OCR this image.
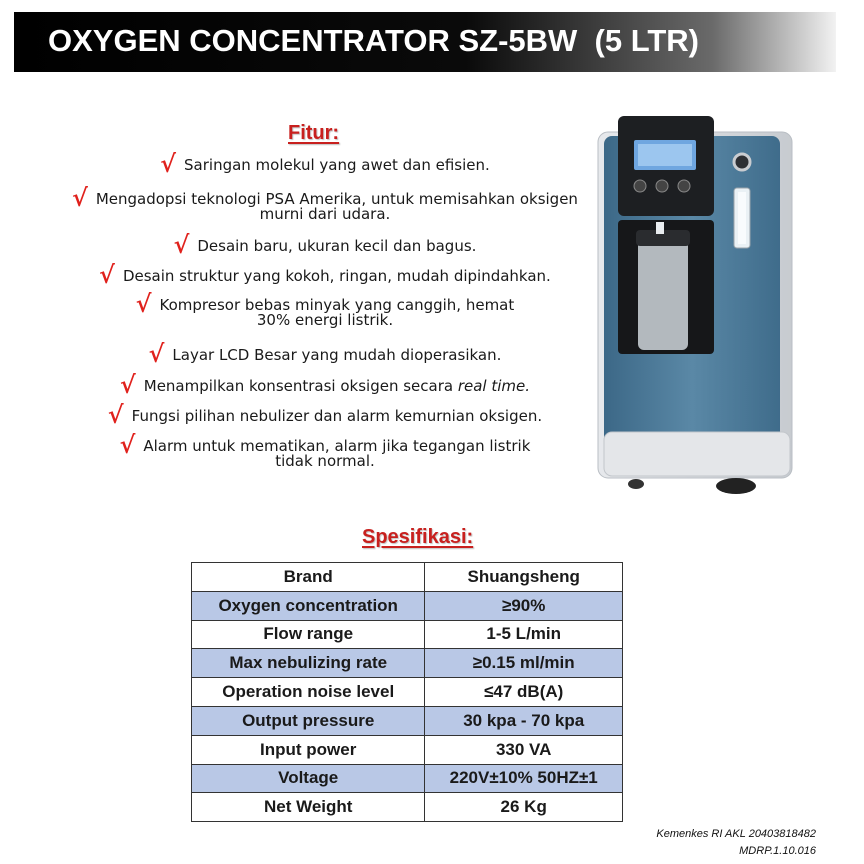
OXYGEN CONCENTRATOR SZ-5BW  (5 LTR)
Fitur:
√ Saringan molekul yang awet dan efisien.
√ Mengadopsi teknologi PSA Amerika, untuk memisahkan oksigen murni dari udara.
√ Desain baru, ukuran kecil dan bagus.
√ Desain struktur yang kokoh, ringan, mudah dipindahkan.
√ Kompresor bebas minyak yang canggih, hemat 30% energi listrik.
√ Layar LCD Besar yang mudah dioperasikan.
√ Menampilkan konsentrasi oksigen secara real time.
√ Fungsi pilihan nebulizer dan alarm kemurnian oksigen.
√ Alarm untuk mematikan, alarm jika tegangan listrik tidak normal.
Spesifikasi:
Brand	Shuangsheng
Oxygen concentration	≥90%
Flow range	1-5 L/min
Max nebulizing rate	≥0.15 ml/min
Operation noise level	≤47 dB(A)
Output pressure	30 kpa - 70 kpa
Input power	330 VA
Voltage	220V±10% 50HZ±1
Net Weight	26 Kg
Kemenkes RI AKL 20403818482
MDRP.1.10.016
